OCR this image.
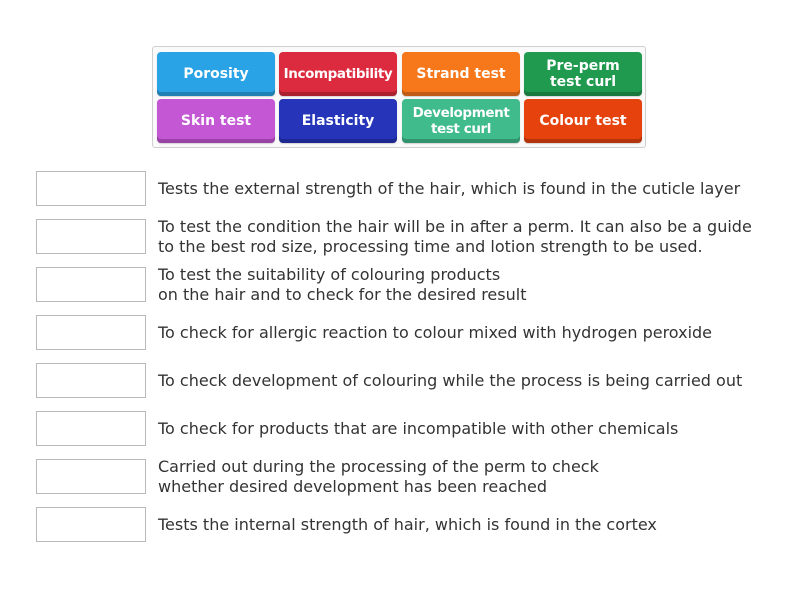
Porosity	Incompatibility	Strand test	Pre-perm
test curl
Skin test	Elasticity	Development
test curl	Colour test
Tests the external strength of the hair, which is found in the cuticle layer
To test the condition the hair will be in after a perm. It can also be a guide
to the best rod size, processing time and lotion strength to be used.
To test the suitability of colouring products
on the hair and to check for the desired result
To check for allergic reaction to colour mixed with hydrogen peroxide
To check development of colouring while the process is being carried out
To check for products that are incompatible with other chemicals
Carried out during the processing of the perm to check
whether desired development has been reached
Tests the internal strength of hair, which is found in the cortex
